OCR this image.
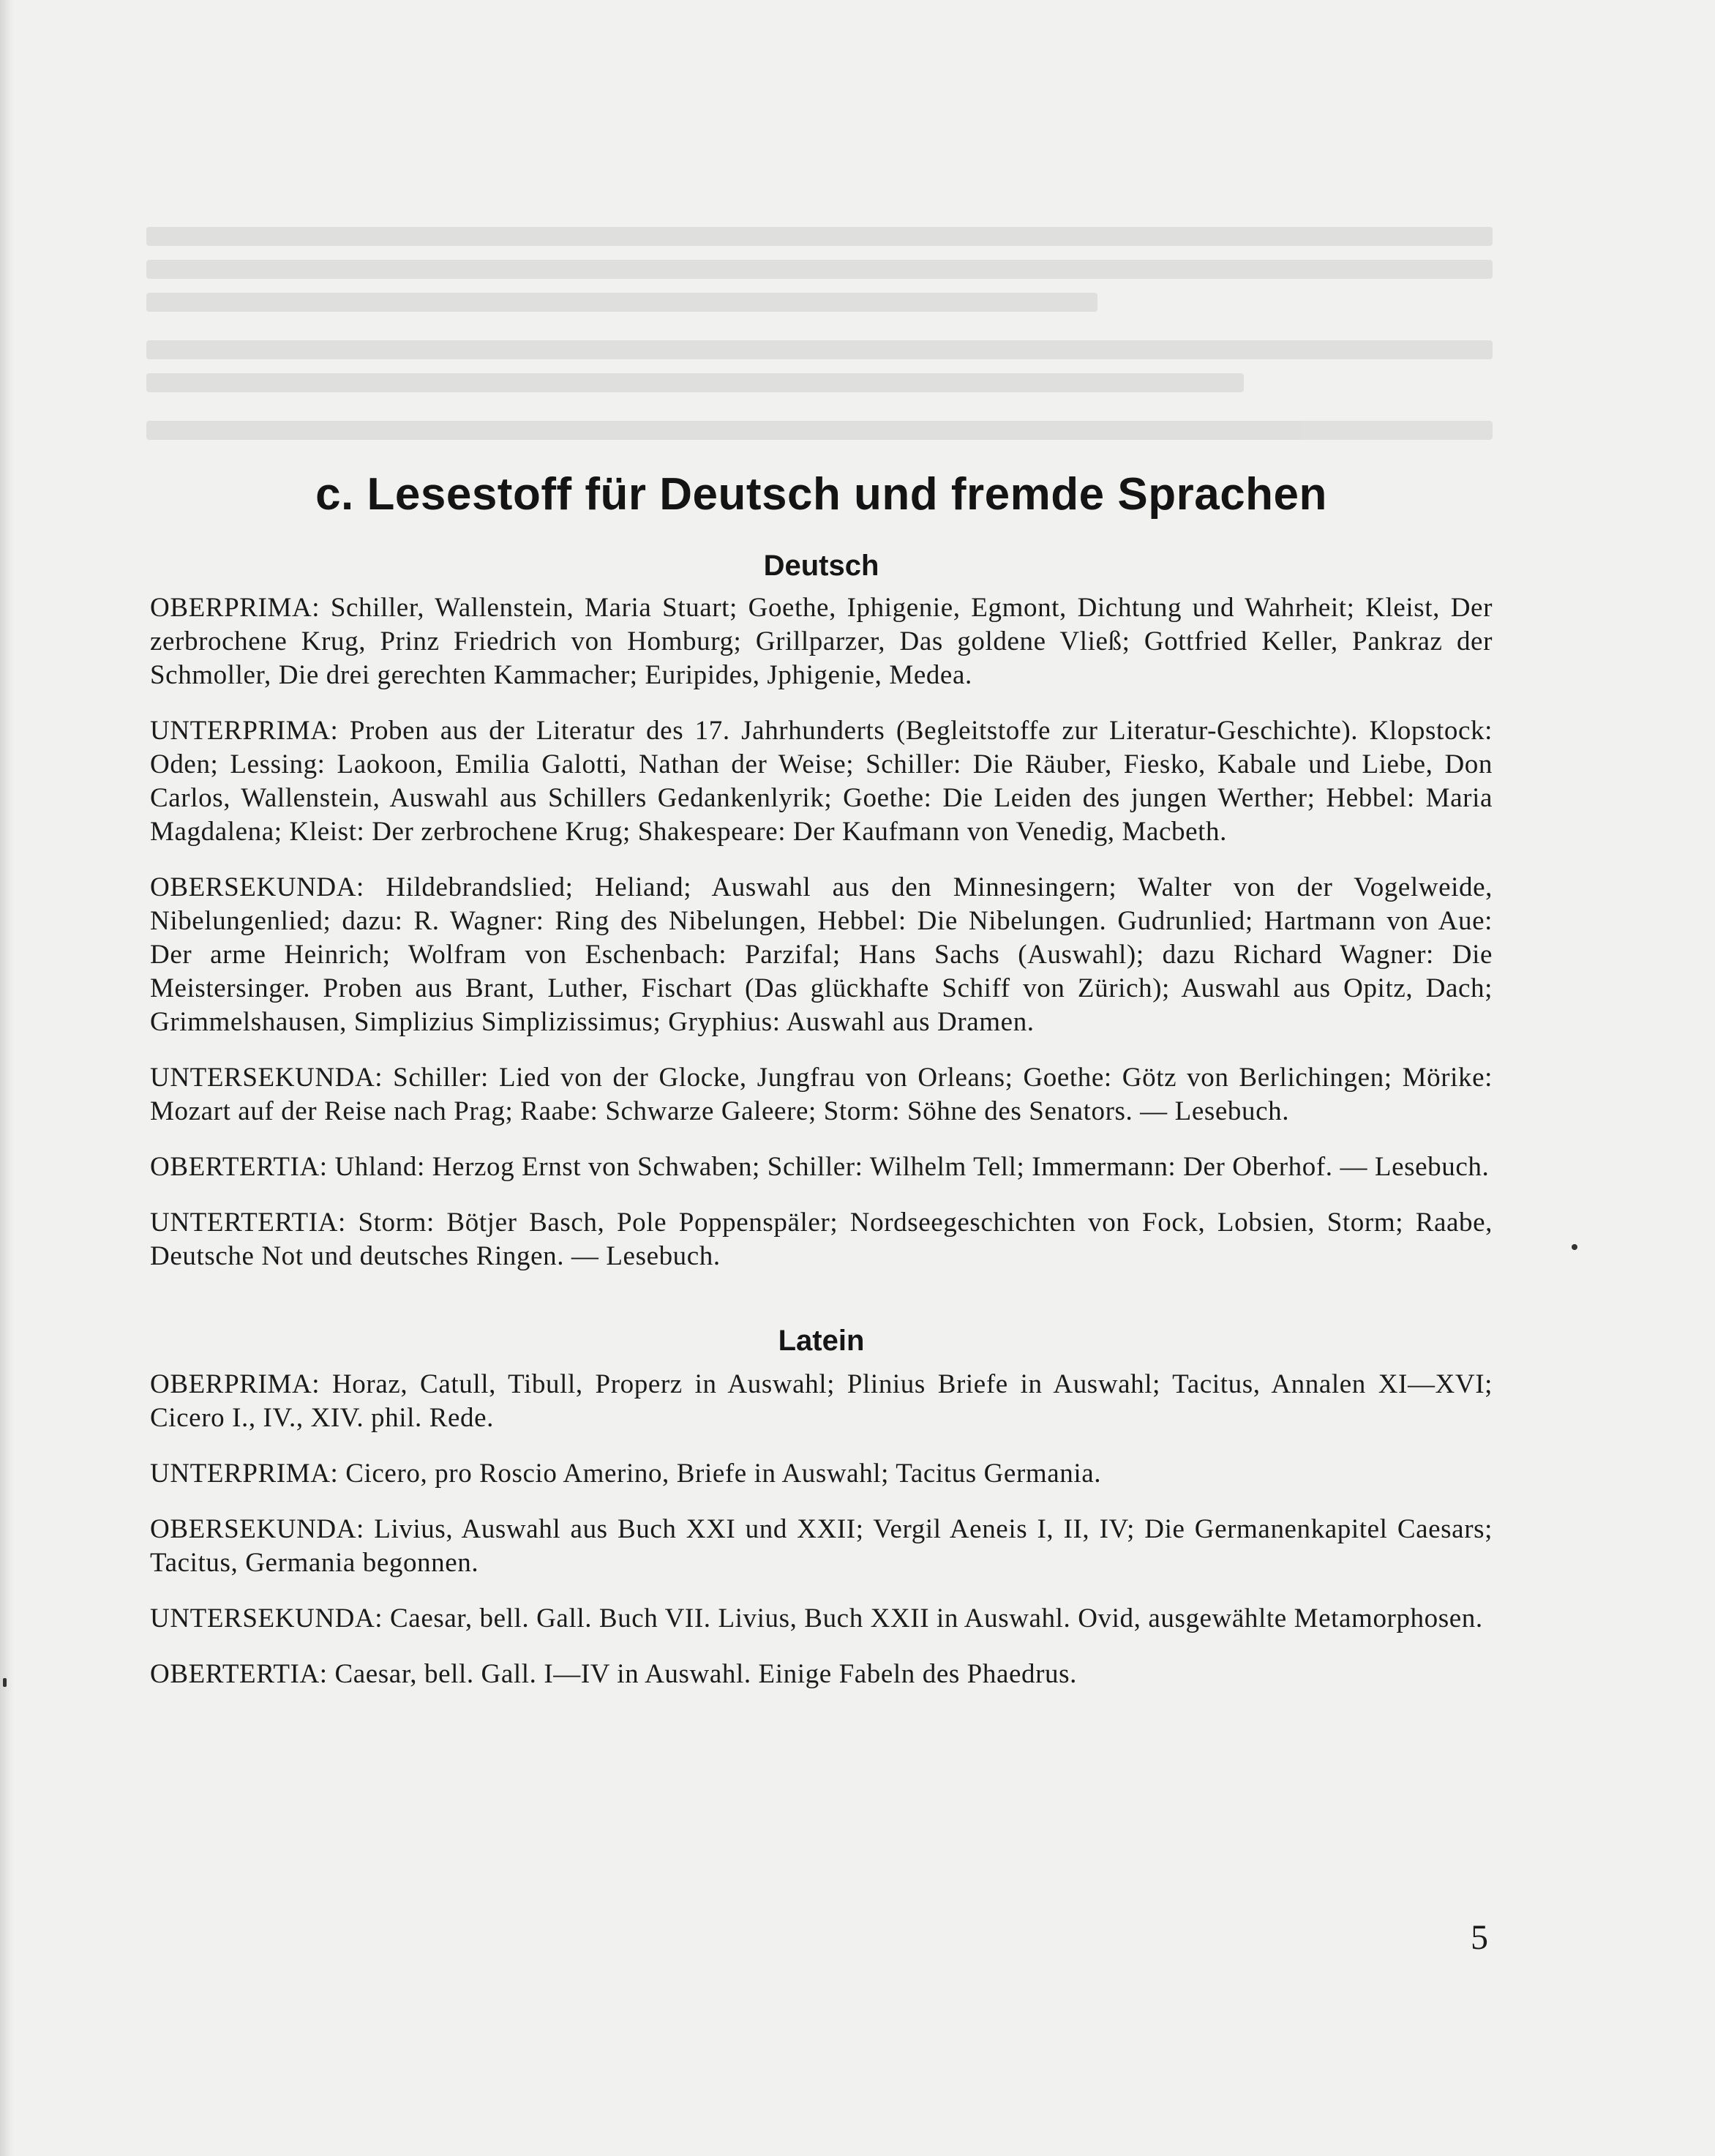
c. Lesestoff für Deutsch und fremde Sprachen
Deutsch

OBERPRIMA: Schiller, Wallenstein, Maria Stuart; Goethe, Iphigenie, Egmont, Dichtung und Wahrheit; Kleist, Der zerbrochene Krug, Prinz Friedrich von Homburg; Grillparzer, Das goldene Vließ; Gottfried Keller, Pankraz der Schmoller, Die drei gerechten Kammacher; Euripides, Jphigenie, Medea.

UNTERPRIMA: Proben aus der Literatur des 17. Jahrhunderts (Begleitstoffe zur Literatur-Geschichte). Klopstock: Oden; Lessing: Laokoon, Emilia Galotti, Nathan der Weise; Schiller: Die Räuber, Fiesko, Kabale und Liebe, Don Carlos, Wallenstein, Auswahl aus Schillers Gedankenlyrik; Goethe: Die Leiden des jungen Werther; Hebbel: Maria Magdalena; Kleist: Der zerbrochene Krug; Shakespeare: Der Kaufmann von Venedig, Macbeth.

OBERSEKUNDA: Hildebrandslied; Heliand; Auswahl aus den Minnesingern; Walter von der Vogelweide, Nibelungenlied; dazu: R. Wagner: Ring des Nibelungen, Hebbel: Die Nibelungen. Gudrunlied; Hartmann von Aue: Der arme Heinrich; Wolfram von Eschenbach: Parzifal; Hans Sachs (Auswahl); dazu Richard Wagner: Die Meistersinger. Proben aus Brant, Luther, Fischart (Das glückhafte Schiff von Zürich); Auswahl aus Opitz, Dach; Grimmelshausen, Simplizius Simplizissimus; Gryphius: Auswahl aus Dramen.

UNTERSEKUNDA: Schiller: Lied von der Glocke, Jungfrau von Orleans; Goethe: Götz von Berlichingen; Mörike: Mozart auf der Reise nach Prag; Raabe: Schwarze Galeere; Storm: Söhne des Senators. — Lesebuch.

OBERTERTIA: Uhland: Herzog Ernst von Schwaben; Schiller: Wilhelm Tell; Immermann: Der Oberhof. — Lesebuch.

UNTERTERTIA: Storm: Bötjer Basch, Pole Poppenspäler; Nordseegeschichten von Fock, Lobsien, Storm; Raabe, Deutsche Not und deutsches Ringen. — Lesebuch.

Latein

OBERPRIMA: Horaz, Catull, Tibull, Properz in Auswahl; Plinius Briefe in Auswahl; Tacitus, Annalen XI—XVI; Cicero I., IV., XIV. phil. Rede.

UNTERPRIMA: Cicero, pro Roscio Amerino, Briefe in Auswahl; Tacitus Germania.

OBERSEKUNDA: Livius, Auswahl aus Buch XXI und XXII; Vergil Aeneis I, II, IV; Die Germanenkapitel Caesars; Tacitus, Germania begonnen.

UNTERSEKUNDA: Caesar, bell. Gall. Buch VII. Livius, Buch XXII in Auswahl. Ovid, ausgewählte Metamorphosen.

OBERTERTIA: Caesar, bell. Gall. I—IV in Auswahl. Einige Fabeln des Phaedrus.

5
